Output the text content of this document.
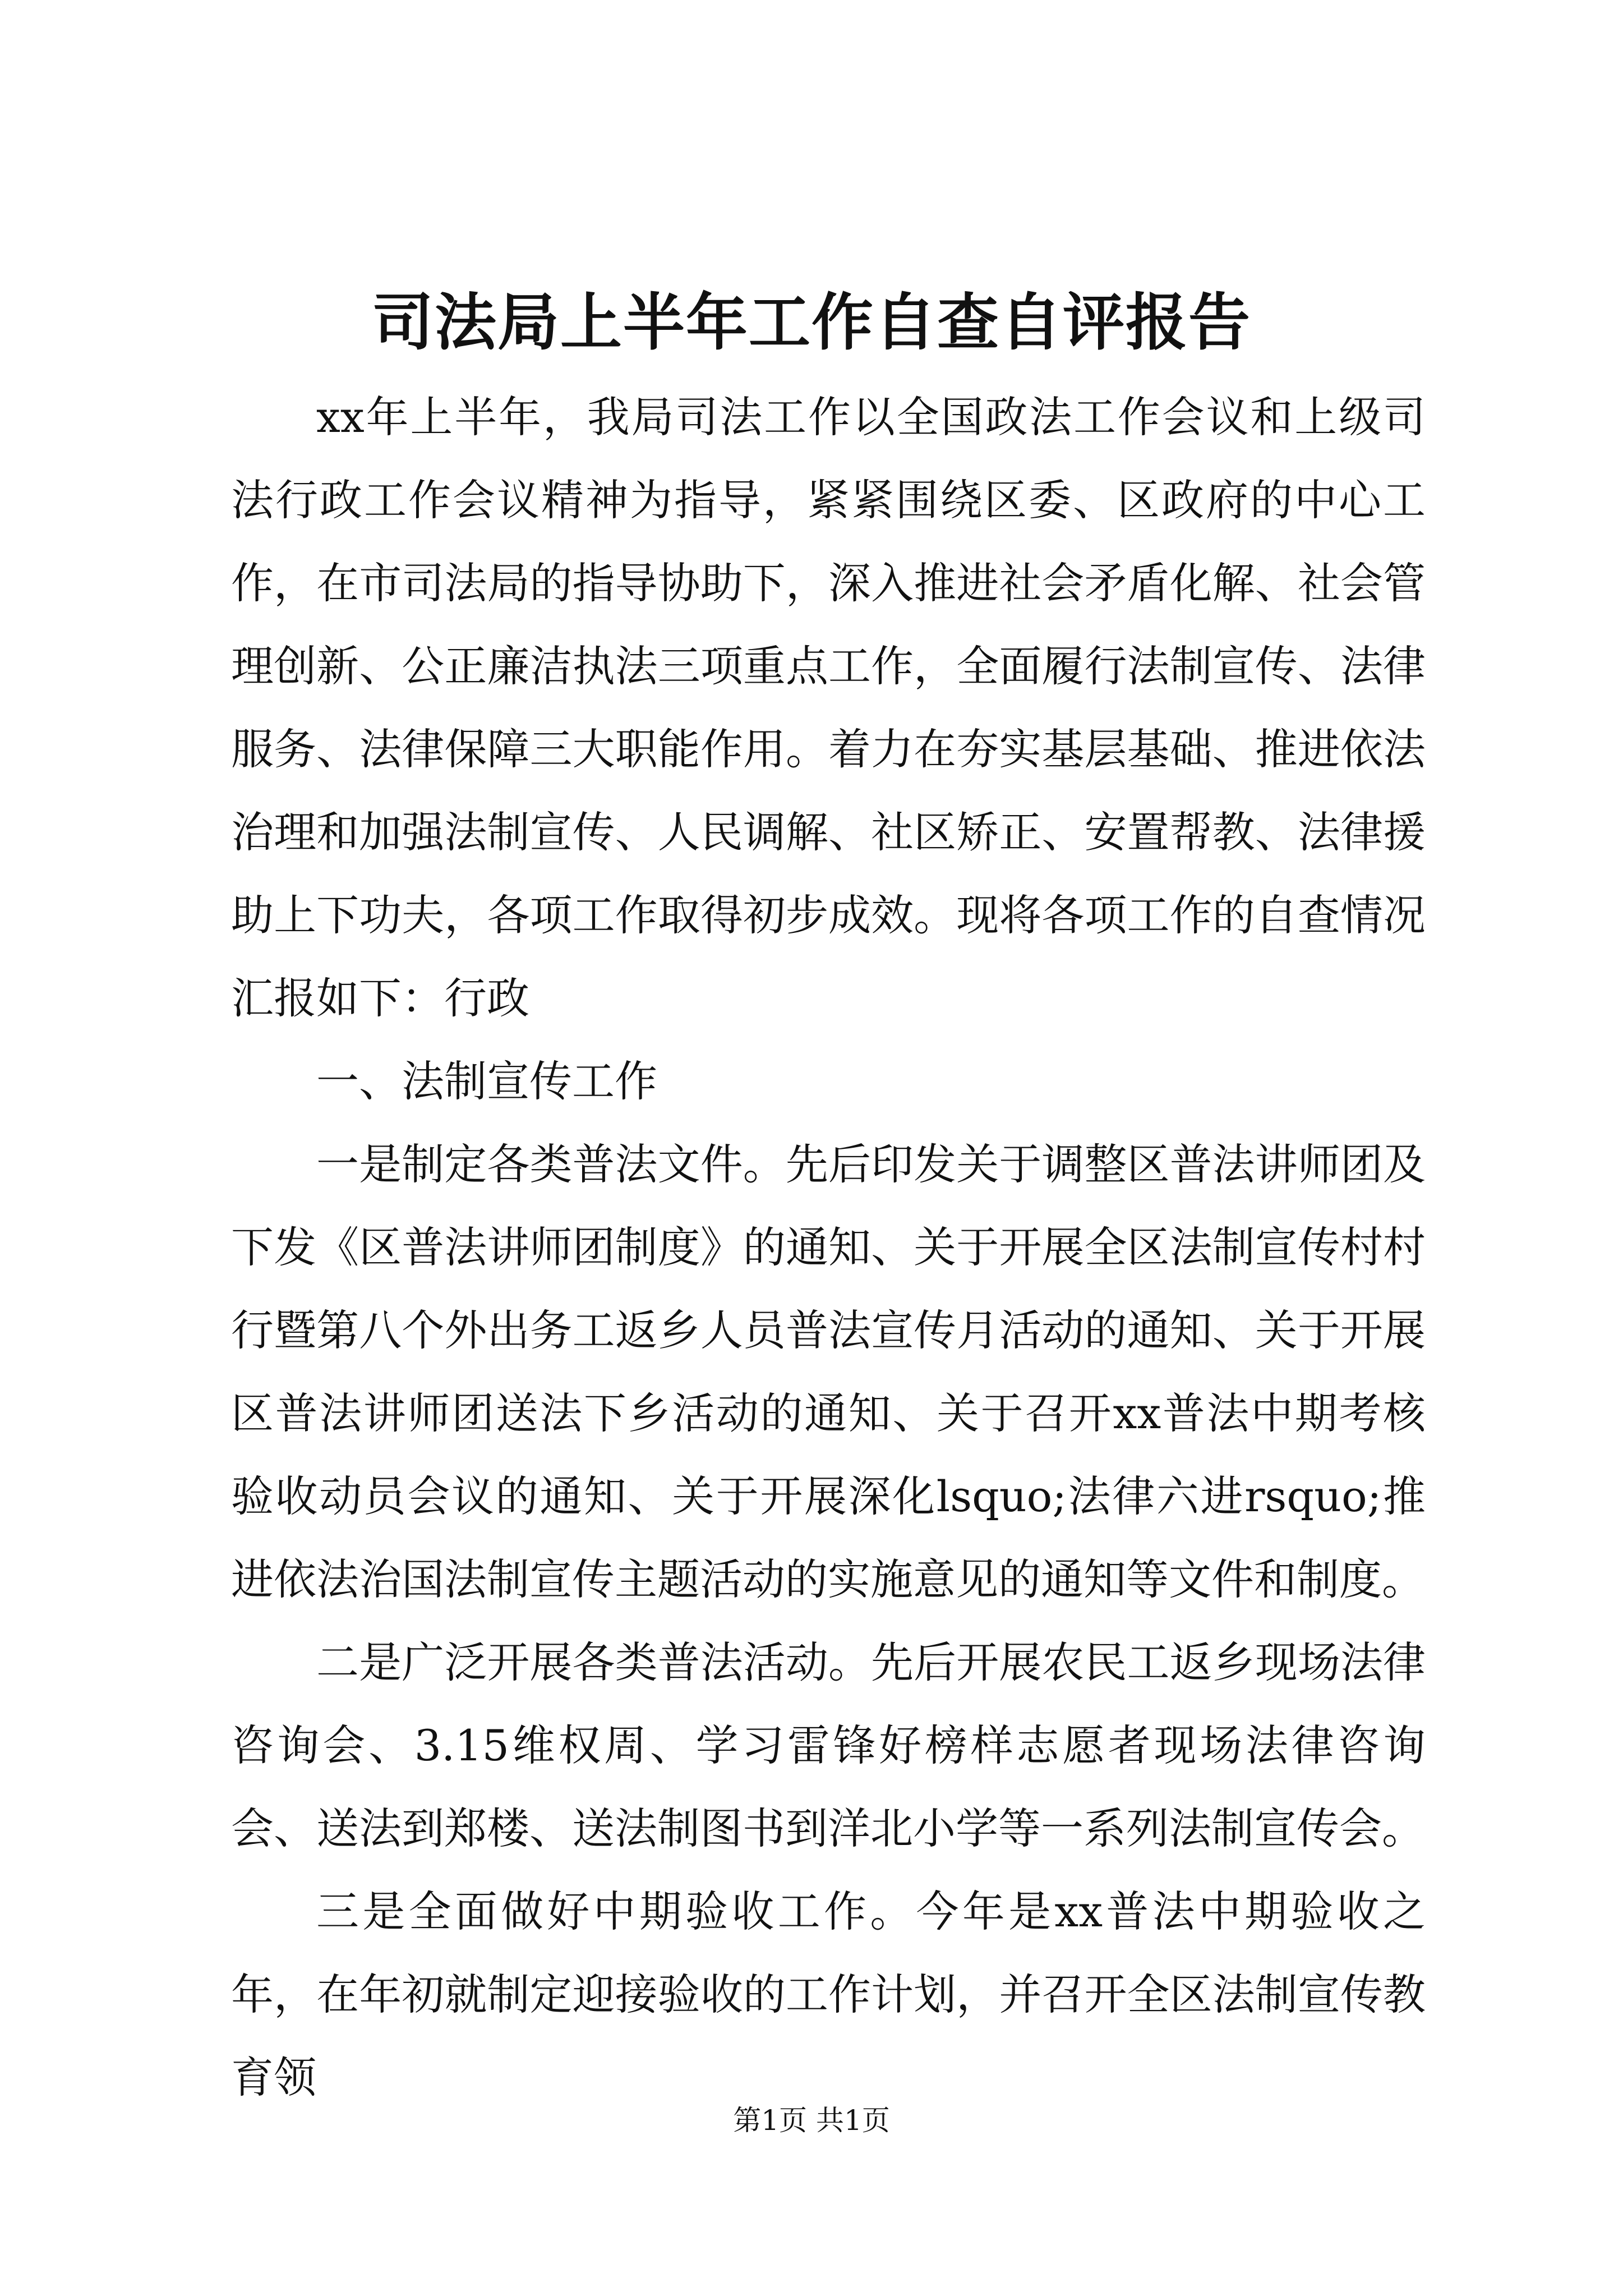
司法局上半年工作自查自评报告

xx年上半年，我局司法工作以全国政法工作会议和上级司法行政工作会议精神为指导，紧紧围绕区委、区政府的中心工作，在市司法局的指导协助下，深入推进社会矛盾化解、社会管理创新、公正廉洁执法三项重点工作，全面履行法制宣传、法律服务、法律保障三大职能作用。着力在夯实基层基础、推进依法治理和加强法制宣传、人民调解、社区矫正、安置帮教、法律援助上下功夫，各项工作取得初步成效。现将各项工作的自查情况汇报如下：行政

一、法制宣传工作

一是制定各类普法文件。先后印发关于调整区普法讲师团及下发《区普法讲师团制度》的通知、关于开展全区法制宣传村村行暨第八个外出务工返乡人员普法宣传月活动的通知、关于开展区普法讲师团送法下乡活动的通知、关于召开xx普法中期考核验收动员会议的通知、关于开展深化lsquo;法律六进rsquo;推进依法治国法制宣传主题活动的实施意见的通知等文件和制度。

二是广泛开展各类普法活动。先后开展农民工返乡现场法律咨询会、3.15维权周、学习雷锋好榜样志愿者现场法律咨询会、送法到郑楼、送法制图书到洋北小学等一系列法制宣传会。

三是全面做好中期验收工作。今年是xx普法中期验收之年，在年初就制定迎接验收的工作计划，并召开全区法制宣传教育领

第1页 共1页
